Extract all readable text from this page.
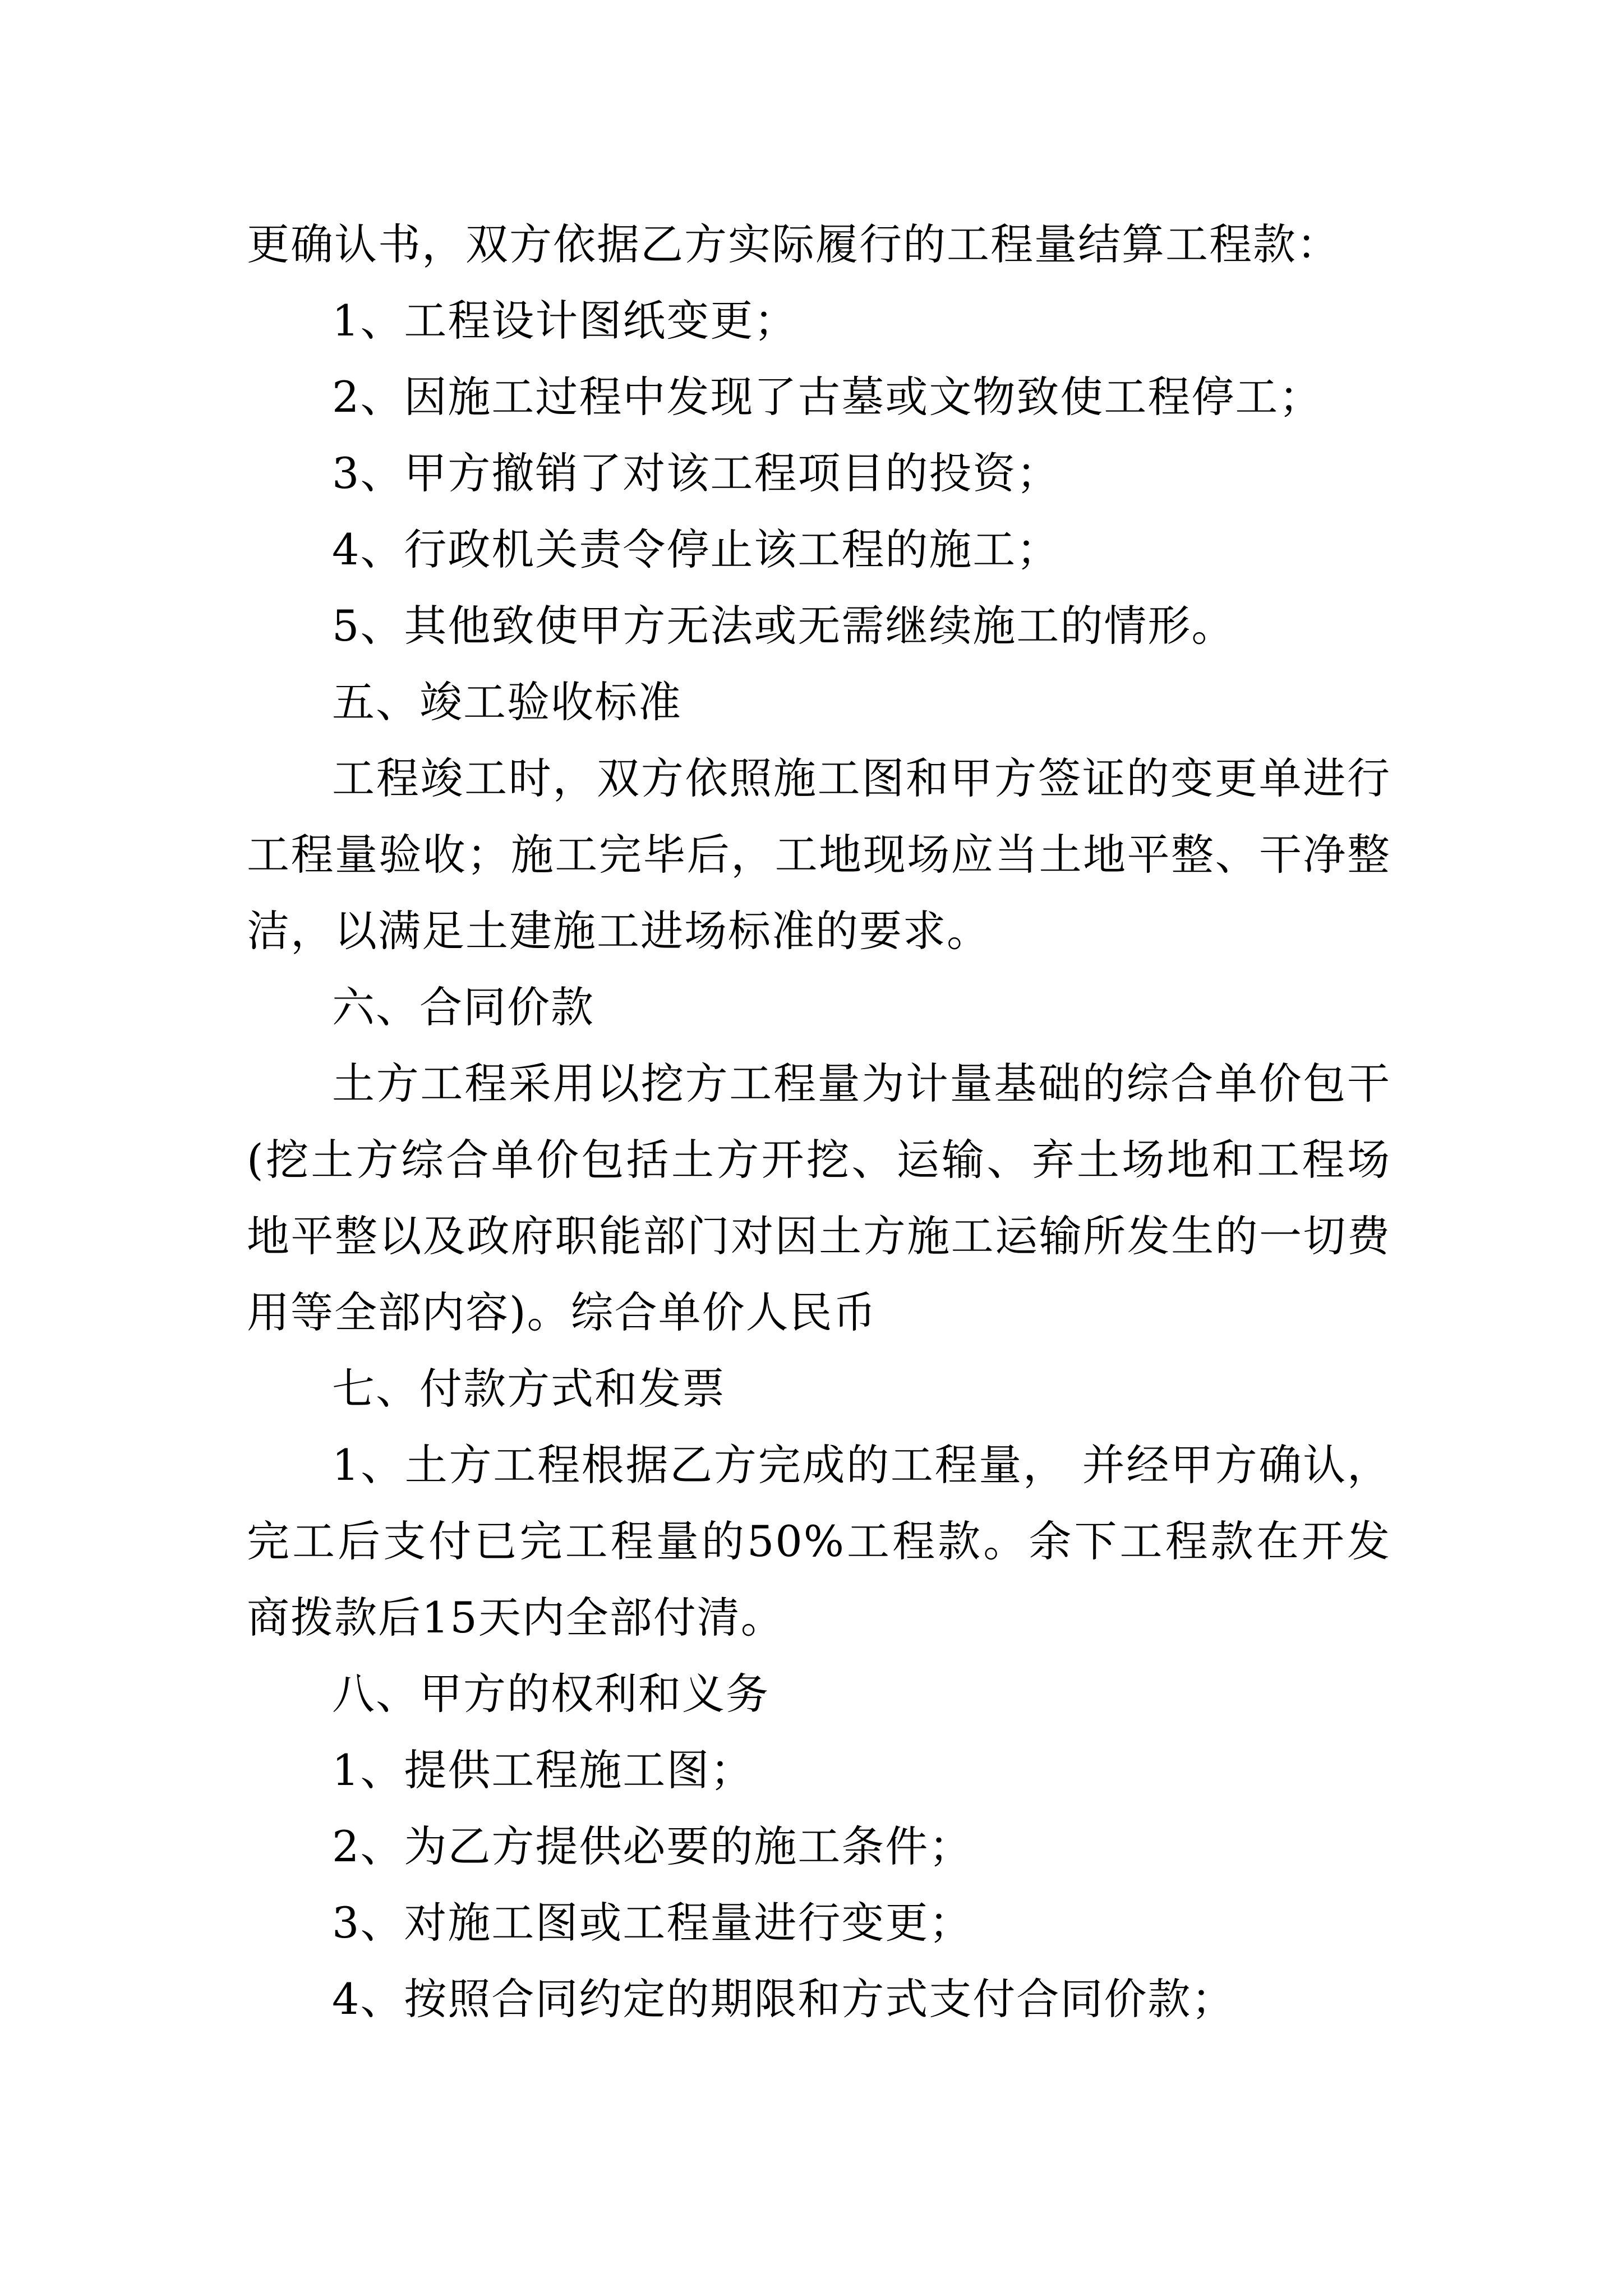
更确认书，双方依据乙方实际履行的工程量结算工程款：

1、工程设计图纸变更；

2、因施工过程中发现了古墓或文物致使工程停工；

3、甲方撤销了对该工程项目的投资；

4、行政机关责令停止该工程的施工；

5、其他致使甲方无法或无需继续施工的情形。

五、竣工验收标准

工程竣工时，双方依照施工图和甲方签证的变更单进行工程量验收；施工完毕后，工地现场应当土地平整、干净整洁，以满足土建施工进场标准的要求。

六、合同价款

土方工程采用以挖方工程量为计量基础的综合单价包干(挖土方综合单价包括土方开挖、运输、弃土场地和工程场地平整以及政府职能部门对因土方施工运输所发生的一切费用等全部内容)。综合单价人民币

七、付款方式和发票

1、土方工程根据乙方完成的工程量， 并经甲方确认，完工后支付已完工程量的50%工程款。余下工程款在开发商拨款后15天内全部付清。

八、甲方的权利和义务

1、提供工程施工图；

2、为乙方提供必要的施工条件；

3、对施工图或工程量进行变更；

4、按照合同约定的期限和方式支付合同价款；
